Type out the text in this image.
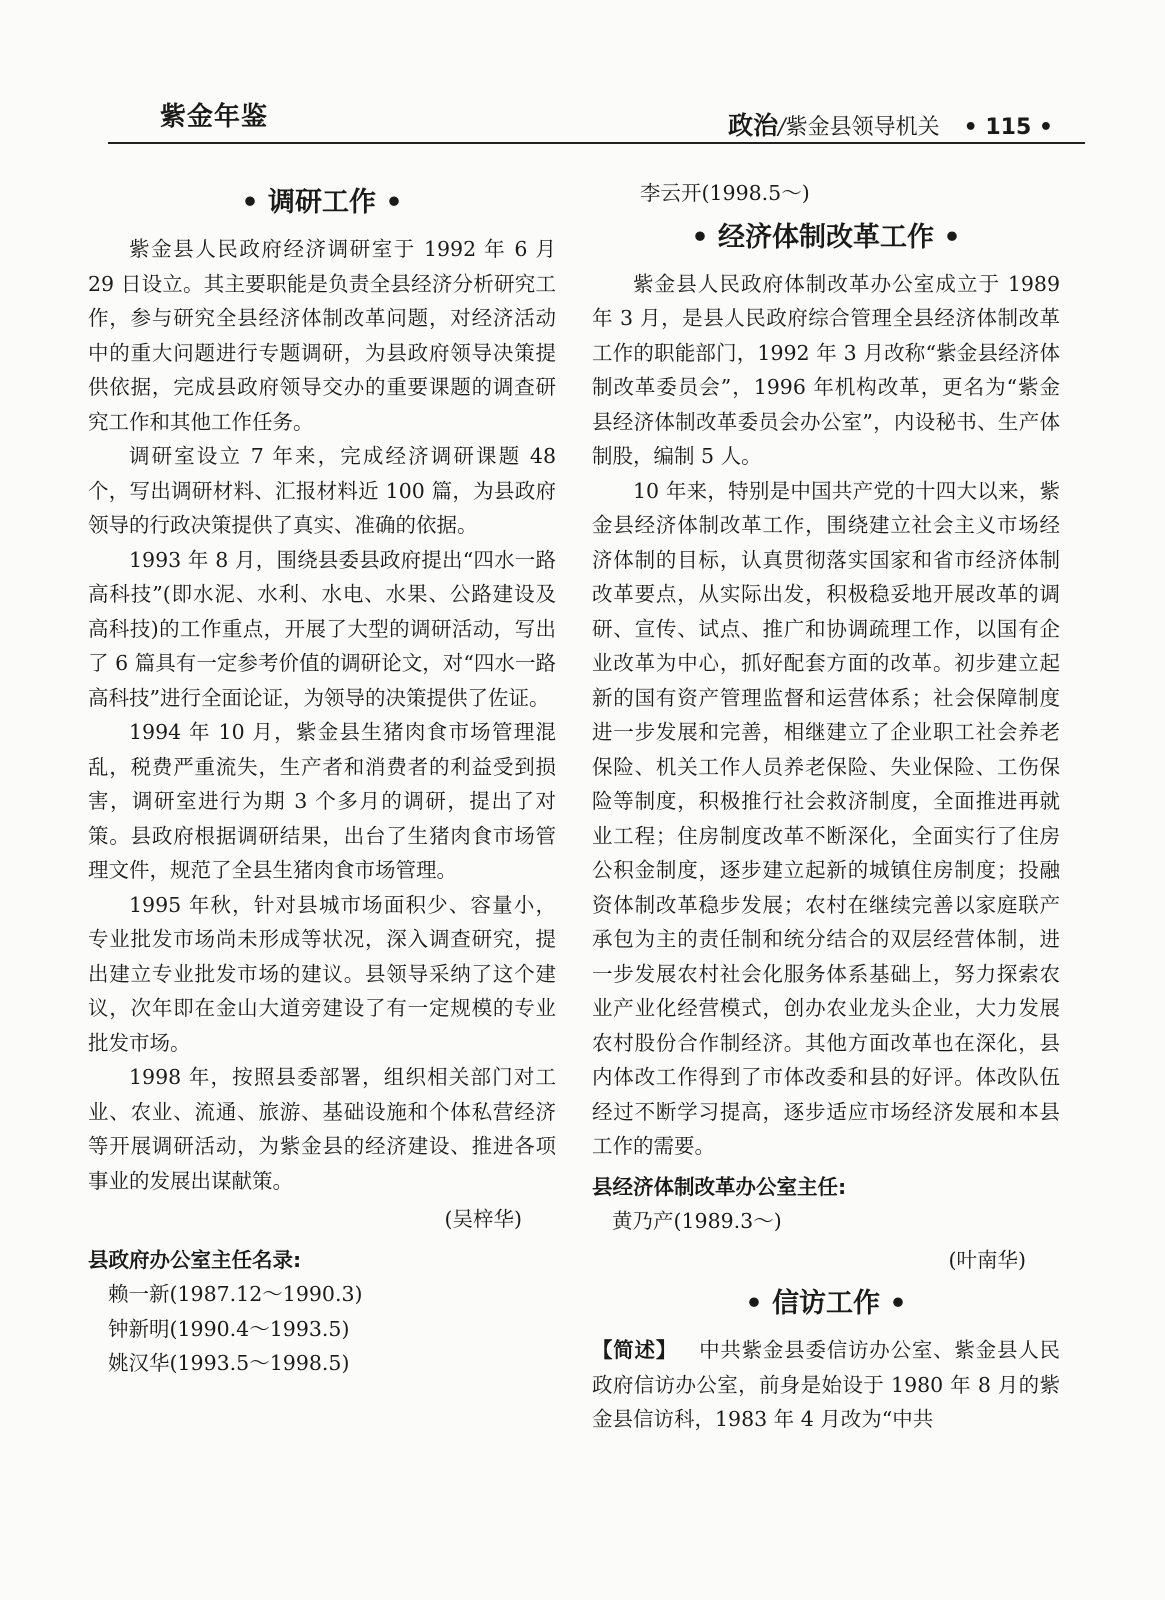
紫金年鉴	政治/紫金县领导机关 • 115 •
• 调研工作 •

紫金县人民政府经济调研室于 1992 年 6 月 29 日设立。其主要职能是负责全县经济分析研究工作，参与研究全县经济体制改革问题，对经济活动中的重大问题进行专题调研，为县政府领导决策提供依据，完成县政府领导交办的重要课题的调查研究工作和其他工作任务。

调研室设立 7 年来，完成经济调研课题 48 个，写出调研材料、汇报材料近 100 篇，为县政府领导的行政决策提供了真实、准确的依据。

1993 年 8 月，围绕县委县政府提出“四水一路高科技”(即水泥、水利、水电、水果、公路建设及高科技)的工作重点，开展了大型的调研活动，写出了 6 篇具有一定参考价值的调研论文，对“四水一路高科技”进行全面论证，为领导的决策提供了佐证。

1994 年 10 月，紫金县生猪肉食市场管理混乱，税费严重流失，生产者和消费者的利益受到损害，调研室进行为期 3 个多月的调研，提出了对策。县政府根据调研结果，出台了生猪肉食市场管理文件，规范了全县生猪肉食市场管理。

1995 年秋，针对县城市场面积少、容量小，专业批发市场尚未形成等状况，深入调查研究，提出建立专业批发市场的建议。县领导采纳了这个建议，次年即在金山大道旁建设了有一定规模的专业批发市场。

1998 年，按照县委部署，组织相关部门对工业、农业、流通、旅游、基础设施和个体私营经济等开展调研活动，为紫金县的经济建设、推进各项事业的发展出谋献策。

(吴梓华)
县政府办公室主任名录:
赖一新(1987.12～1990.3)
钟新明(1990.4～1993.5)
姚汉华(1993.5～1998.5)
李云开(1998.5～)
• 经济体制改革工作 •

紫金县人民政府体制改革办公室成立于 1989 年 3 月，是县人民政府综合管理全县经济体制改革工作的职能部门，1992 年 3 月改称“紫金县经济体制改革委员会”，1996 年机构改革，更名为“紫金县经济体制改革委员会办公室”，内设秘书、生产体制股，编制 5 人。

10 年来，特别是中国共产党的十四大以来，紫金县经济体制改革工作，围绕建立社会主义市场经济体制的目标，认真贯彻落实国家和省市经济体制改革要点，从实际出发，积极稳妥地开展改革的调研、宣传、试点、推广和协调疏理工作，以国有企业改革为中心，抓好配套方面的改革。初步建立起新的国有资产管理监督和运营体系；社会保障制度进一步发展和完善，相继建立了企业职工社会养老保险、机关工作人员养老保险、失业保险、工伤保险等制度，积极推行社会救济制度，全面推进再就业工程；住房制度改革不断深化，全面实行了住房公积金制度，逐步建立起新的城镇住房制度；投融资体制改革稳步发展；农村在继续完善以家庭联产承包为主的责任制和统分结合的双层经营体制，进一步发展农村社会化服务体系基础上，努力探索农业产业化经营模式，创办农业龙头企业，大力发展农村股份合作制经济。其他方面改革也在深化，县内体改工作得到了市体改委和县的好评。体改队伍经过不断学习提高，逐步适应市场经济发展和本县工作的需要。

县经济体制改革办公室主任:
黄乃产(1989.3～)
(叶南华)
• 信访工作 •

【简述】 中共紫金县委信访办公室、紫金县人民政府信访办公室，前身是始设于 1980 年 8 月的紫金县信访科，1983 年 4 月改为“中共
